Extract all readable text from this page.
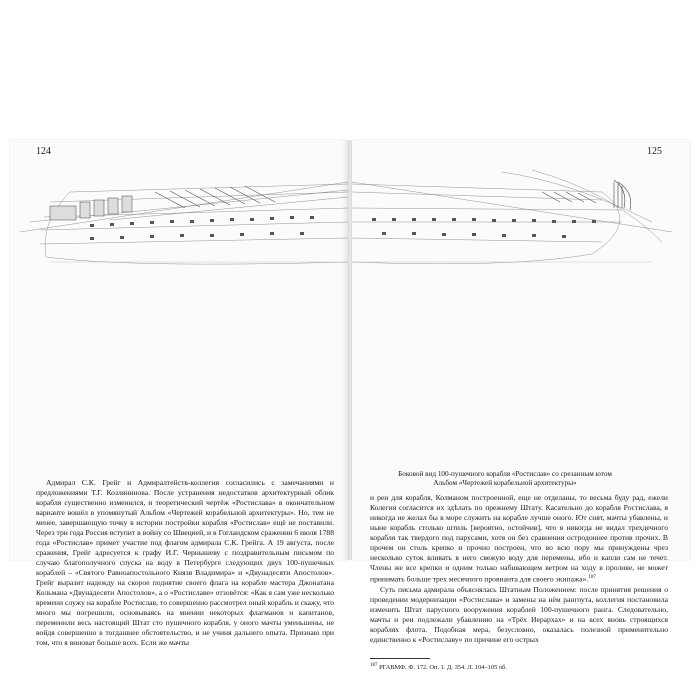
124

Адмирал С.К. Грейг и Адмиралтейств-коллегия согласились с замечаниями и предложениями Т.Г. Козлянинова. После устранения недостатков архитектурный облик корабля существенно изменился, и теоретический чертёж «Ростислава» в окончательном варианте вошёл в упомянутый Альбом «Чертежей корабельной архитектуры». Но, тем не менее, завершающую точку в истории постройки корабля «Ростислав» ещё не поставили. Через три года Россия вступит в войну со Швецией, и в Гогландском сражении 6 июля 1788 года «Ростислав» примет участие под флагом адмирала С.К. Грейга. А 19 августа, после сражения, Грейг адресуется к графу И.Г. Чернышеву с поздравительным письмом по случаю благополучного спуска на воду в Петербурге следующих двух 100-пушечных кораблей – «Святого Равноапостольного Князя Владимира» и «Двунадесяти Апостолов». Грейг выразит надежду на скорое поднятие своего флага на корабле мастера Джонатана Кольмана «Двунадесяти Апостолов», а о «Ростиславе» отзовётся: «Как я сам уже несколько времени служу на корабле Ростислав, то совершенно рассмотрел оный корабль и скажу, что много мы погрешили, основываясь на мнении некоторых флагманов и капитанов, переменили весь настоящий Штат сто пушечного корабля, у оного мачты уменьшены, не войдя совершенно в тогдашнее обстоятельство, и не учиня дальнего опыта. Признаю при том, что я виноват больше всех. Если же мачты

125
Боковой вид 100-пушечного корабля «Ростислав» со срезанным ютом
Альбом «Чертежей корабельной архитектуры»

и реи для корабля, Колманом построенной, еще не отделаны, то весьма буду рад, ежели Колегия согласится их здѣлать по прежнему Штату. Касательно до корабля Ростислава, я никогда не желал бы в море служить на корабле лучше оного. Ют снят, мачты убавлены, и ныне корабль столько штиль [вероятно, остойчив], что я никогда не видал трехдечного корабля так твердого под парусами, хотя он без сравнения остродоннее против прочих. В прочем он столь крепко и прочно построен, что во всю пору мы принуждены чрез несколько суток вливать в него свежую воду для перемены, ибо и капли сам не течет. Члены же все крепки и одним только набивающем ветром на ходу в проливе, не может принимать больше трех месячного провианта для своего экипажа».$^{187}$

Суть письма адмирала объяснялась Штатным Положением: после принятия решения о проведении модернизации «Ростислава» и замены на нём рангоута, коллегия постановила изменить Штат парусного вооружения кораблей 100-пушечного ранга. Следовательно, мачты и реи подлежали убавлению на «Трёх Иерархах» и на всех вновь строящихся кораблях флота. Подобная мера, безусловно, оказалась полезной применительно единственно к «Ростиславу» по причине его острых

$^{187}$ РГАВМФ. Ф. 172. Оп. 1. Д. 354. Л. 104–105 об.
